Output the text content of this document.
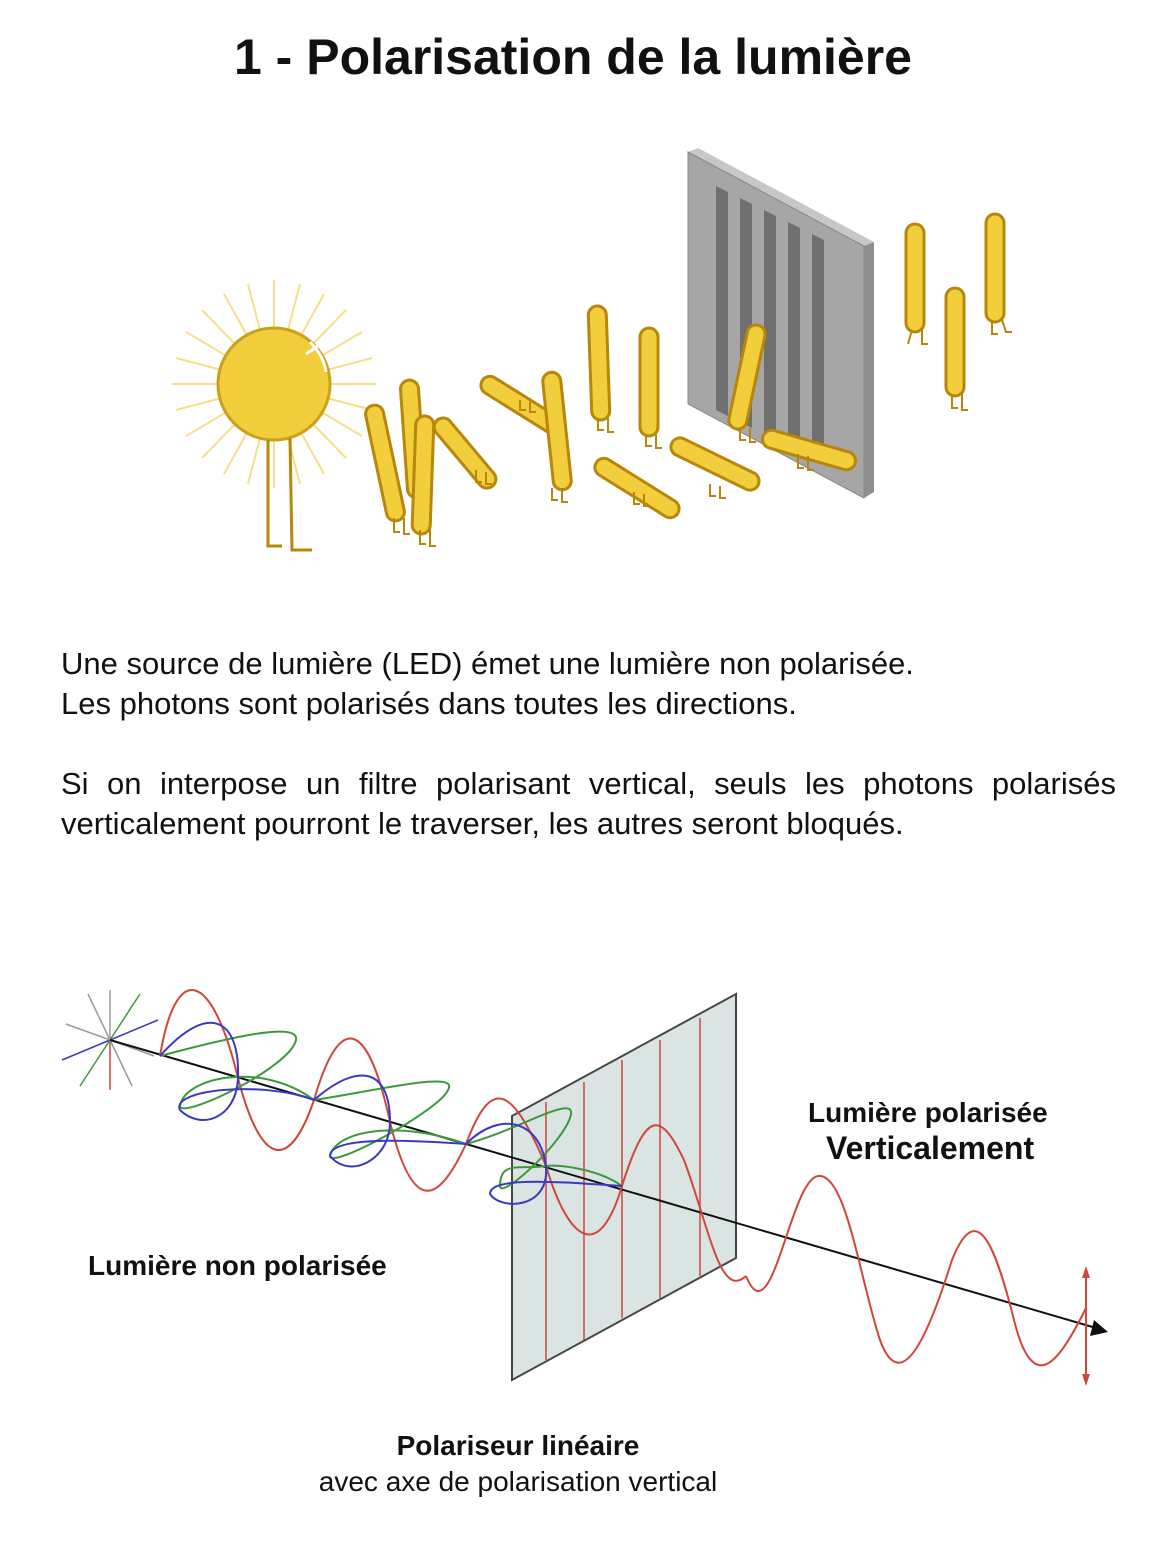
1 - Polarisation de la lumière

Une source de lumière (LED) émet une lumière non polarisée.

Les photons sont polarisés dans toutes les directions.

Si on interpose un filtre polarisant vertical, seuls les photons polarisés verticalement pourront le traverser, les autres seront bloqués.

Lumière non polarisée
Lumière polarisée
Verticalement
Polariseur linéaire
avec axe de polarisation vertical
